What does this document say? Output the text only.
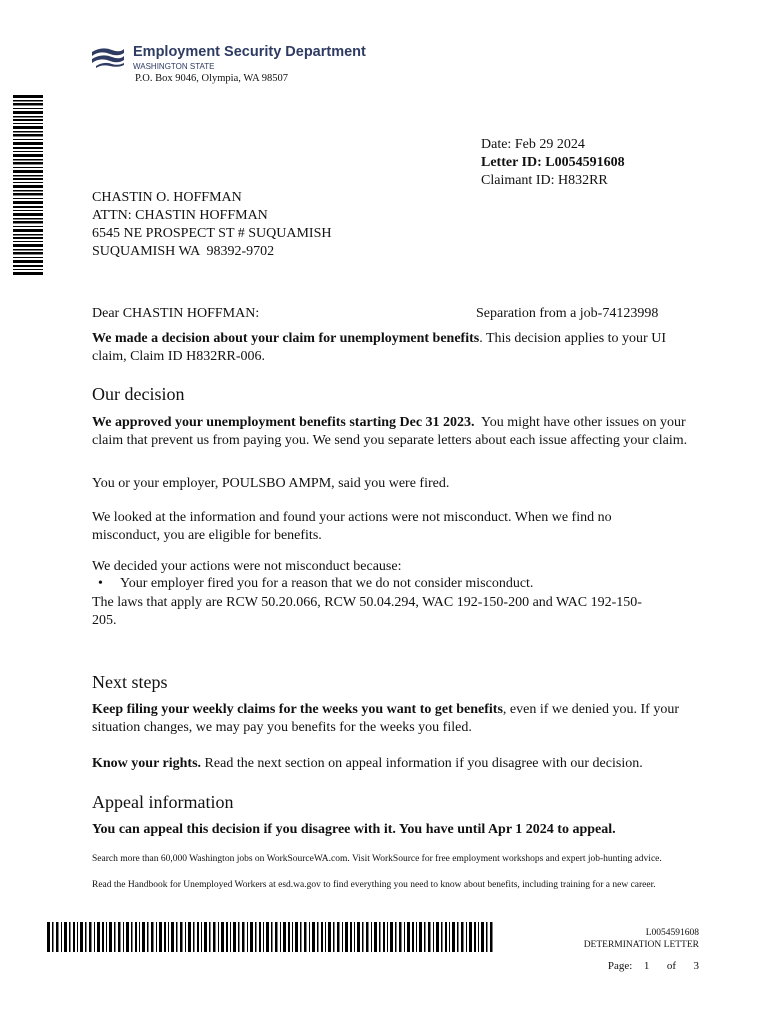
Employment Security Department
WASHINGTON STATE
P.O. Box 9046, Olympia, WA 98507
Date: Feb 29 2024
Letter ID: L0054591608
Claimant ID: H832RR
CHASTIN O. HOFFMAN
ATTN: CHASTIN HOFFMAN
6545 NE PROSPECT ST # SUQUAMISH
SUQUAMISH WA  98392-9702
Dear CHASTIN HOFFMAN:	Separation from a job-74123998
We made a decision about your claim for unemployment benefits. This decision applies to your UI claim, Claim ID H832RR-006.
Our decision
We approved your unemployment benefits starting Dec 31 2023.  You might have other issues on your claim that prevent us from paying you. We send you separate letters about each issue affecting your claim.
You or your employer, POULSBO AMPM, said you were fired.
We looked at the information and found your actions were not misconduct. When we find no misconduct, you are eligible for benefits.
We decided your actions were not misconduct because:
• Your employer fired you for a reason that we do not consider misconduct.
The laws that apply are RCW 50.20.066, RCW 50.04.294, WAC 192-150-200 and WAC 192-150-205.
Next steps
Keep filing your weekly claims for the weeks you want to get benefits, even if we denied you. If your situation changes, we may pay you benefits for the weeks you filed.
Know your rights. Read the next section on appeal information if you disagree with our decision.
Appeal information
You can appeal this decision if you disagree with it. You have until Apr 1 2024 to appeal.
Search more than 60,000 Washington jobs on WorkSourceWA.com. Visit WorkSource for free employment workshops and expert job-hunting advice.
Read the Handbook for Unemployed Workers at esd.wa.gov to find everything you need to know about benefits, including training for a new career.
L0054591608
DETERMINATION LETTER
Page: 1 of 3
